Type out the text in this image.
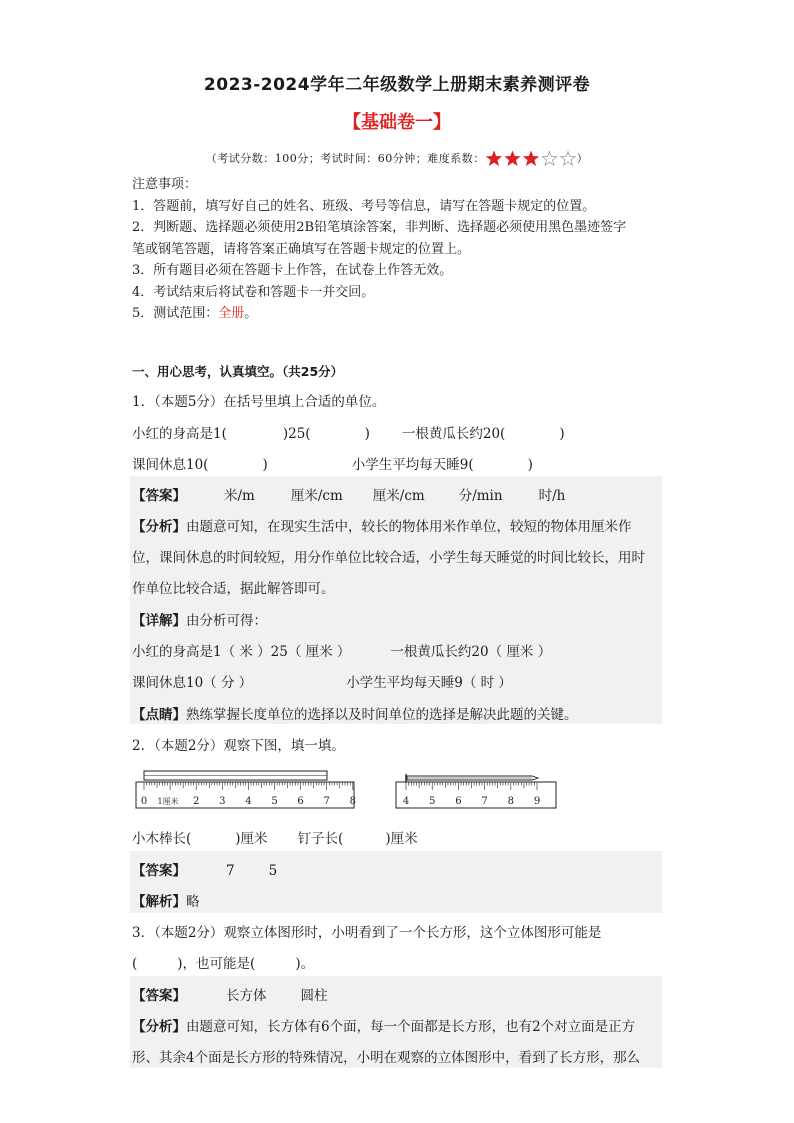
2023-2024学年二年级数学上册期末素养测评卷
【基础卷一】
（考试分数：100分；考试时间：60分钟；难度系数：	）
注意事项：
1．答题前，填写好自己的姓名、班级、考号等信息，请写在答题卡规定的位置。
2．判断题、选择题必须使用2B铅笔填涂答案，非判断、选择题必须使用黑色墨迹签字
笔或钢笔答题，请将答案正确填写在答题卡规定的位置上。
3．所有题目必须在答题卡上作答，在试卷上作答无效。
4．考试结束后将试卷和答题卡一并交回。
5．测试范围：全册。
一、用心思考，认真填空。（共25分）
1．（本题5分）在括号里填上合适的单位。
小红的身高是1(	)25(	) 一根黄瓜长约20(	)
课间休息10(	)	小学生平均每天睡9(	)
【答案】	米/m	厘米/cm 厘米/cm	分/min	时/h
【分析】由题意可知，在现实生活中，较长的物体用米作单位，较短的物体用厘米作
位，课间休息的时间较短，用分作单位比较合适，小学生每天睡觉的时间比较长，用时
作单位比较合适，据此解答即可。
【详解】由分析可得：
小红的身高是1（ 米 ）25（ 厘米 ）	一根黄瓜长约20（ 厘米 ）
课间休息10（ 分 ）	小学生平均每天睡9（ 时 ）
【点睛】熟练掌握长度单位的选择以及时间单位的选择是解决此题的关键。
2．（本题2分）观察下图，填一填。
0 1厘米 2 3 4 5 6 7 8	4 5 6 7 8 9
小木棒长(	)厘米 钉子长(	)厘米
【答案】	7	5
【解析】略
3．（本题2分）观察立体图形时，小明看到了一个长方形，这个立体图形可能是
(	)，也可能是(	)。
【答案】	长方体	圆柱
【分析】由题意可知，长方体有6个面，每一个面都是长方形，也有2个对立面是正方
形、其余4个面是长方形的特殊情况，小明在观察的立体图形中，看到了长方形，那么
